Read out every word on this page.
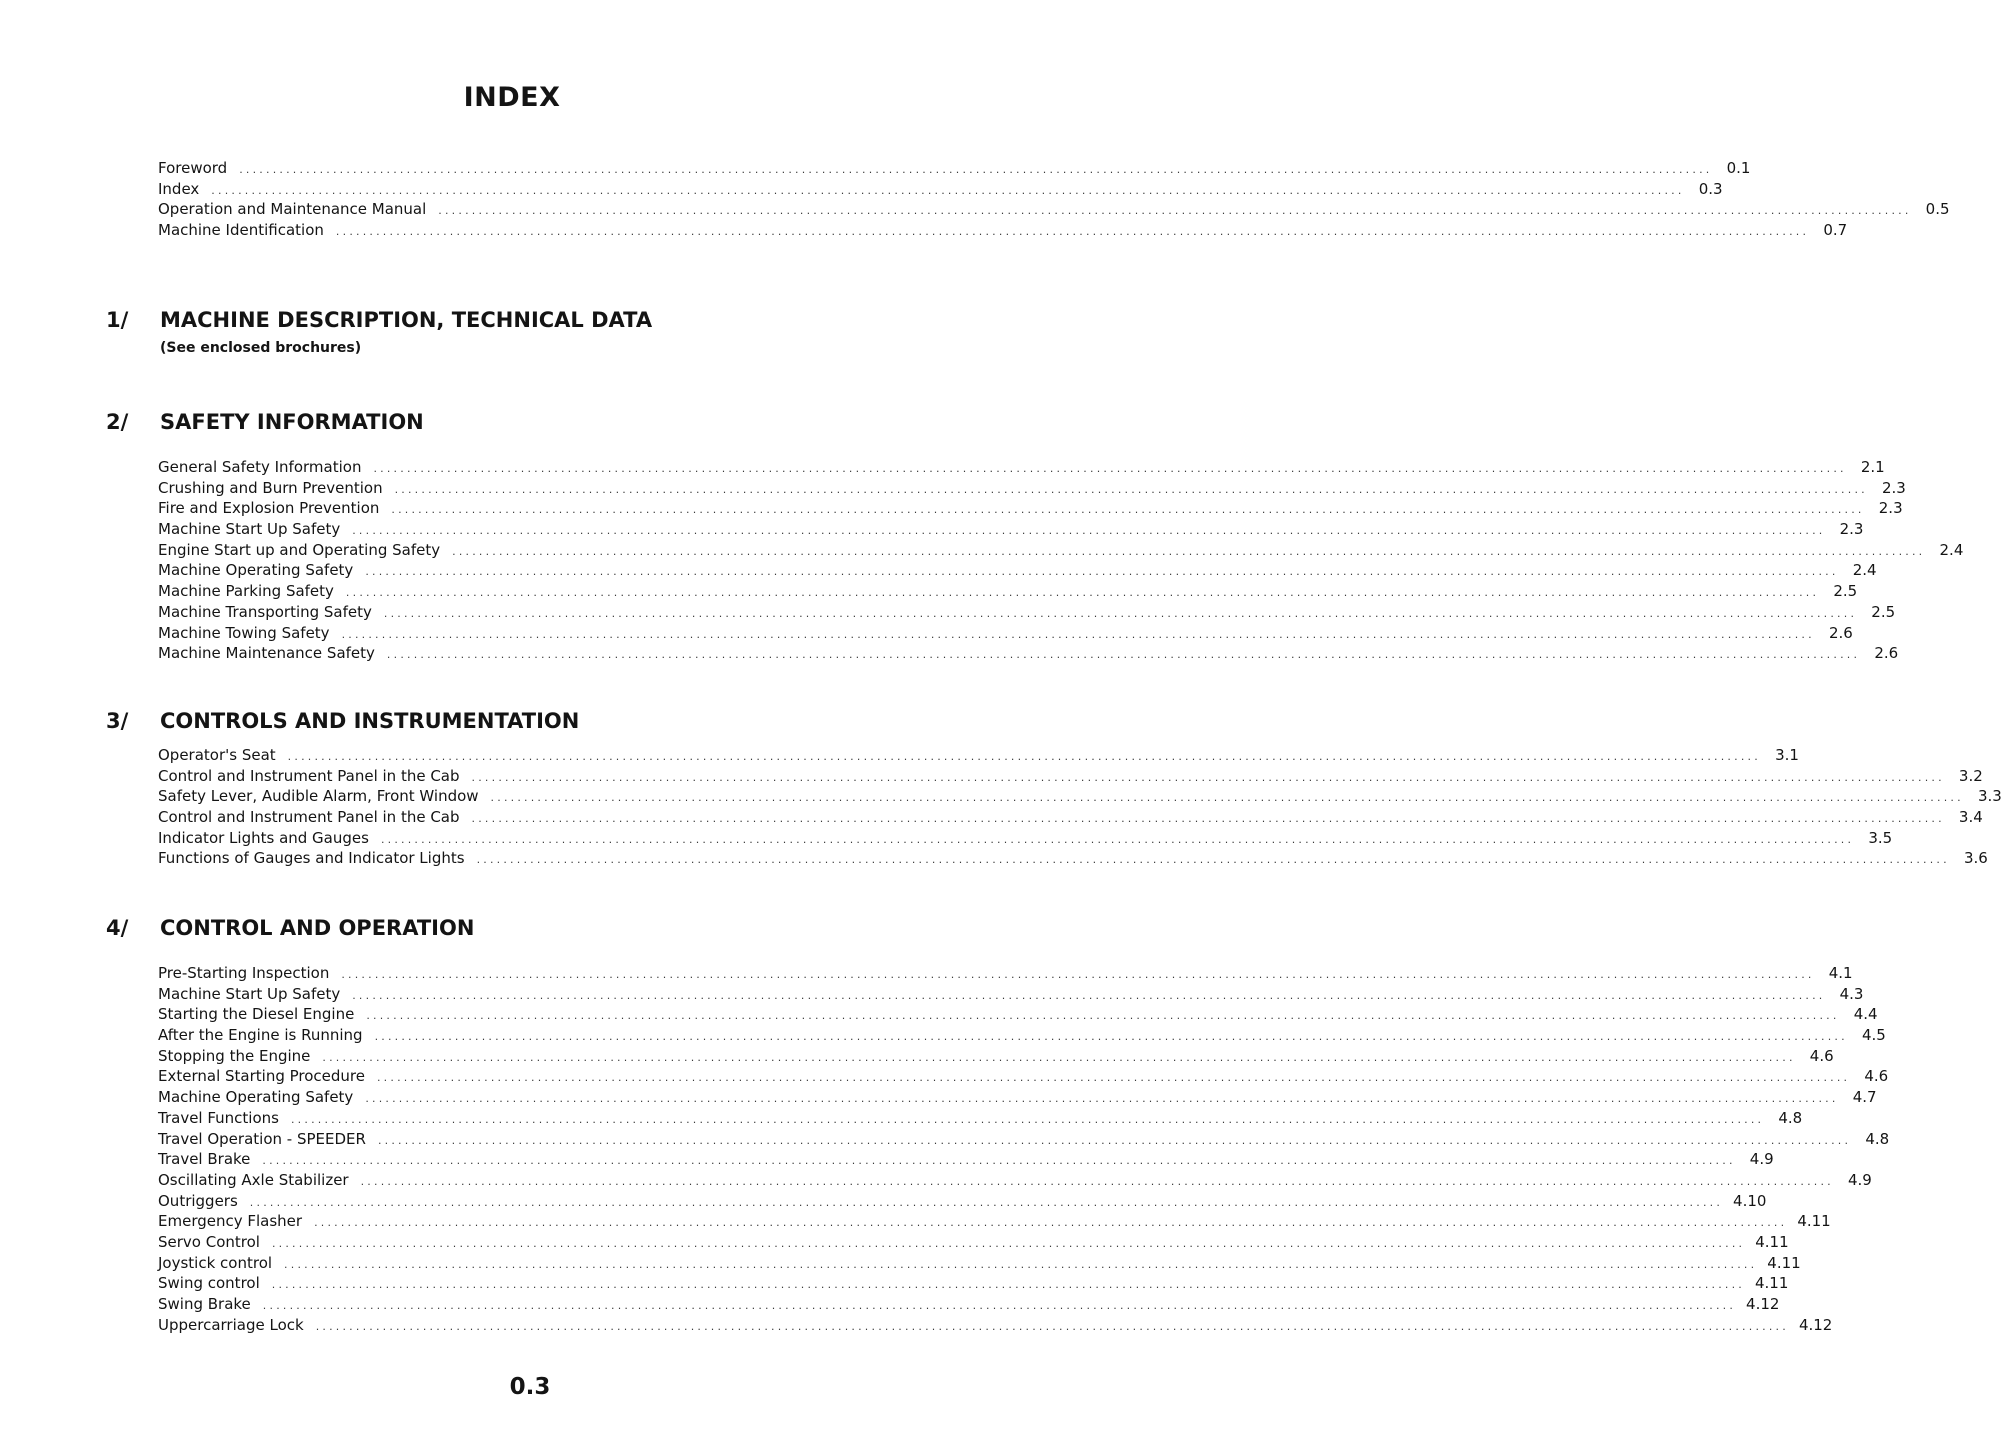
INDEX
Foreword	............................................................................................................................................................................................................................ 0.1
Index	............................................................................................................................................................................................................................ 0.3
Operation and Maintenance Manual	............................................................................................................................................................................................................................ 0.5
Machine Identification	............................................................................................................................................................................................................................ 0.7
1/ MACHINE DESCRIPTION, TECHNICAL DATA
(See enclosed brochures)
2/ SAFETY INFORMATION
General Safety Information	............................................................................................................................................................................................................................ 2.1
Crushing and Burn Prevention	............................................................................................................................................................................................................................ 2.3
Fire and Explosion Prevention	............................................................................................................................................................................................................................ 2.3
Machine Start Up Safety	............................................................................................................................................................................................................................ 2.3
Engine Start up and Operating Safety	............................................................................................................................................................................................................................ 2.4
Machine Operating Safety	............................................................................................................................................................................................................................ 2.4
Machine Parking Safety	............................................................................................................................................................................................................................ 2.5
Machine Transporting Safety	............................................................................................................................................................................................................................ 2.5
Machine Towing Safety	............................................................................................................................................................................................................................ 2.6
Machine Maintenance Safety	............................................................................................................................................................................................................................ 2.6
3/ CONTROLS AND INSTRUMENTATION
Operator's Seat	............................................................................................................................................................................................................................ 3.1
Control and Instrument Panel in the Cab	............................................................................................................................................................................................................................ 3.2
Safety Lever, Audible Alarm, Front Window	............................................................................................................................................................................................................................ 3.3
Control and Instrument Panel in the Cab	............................................................................................................................................................................................................................ 3.4
Indicator Lights and Gauges	............................................................................................................................................................................................................................ 3.5
Functions of Gauges and Indicator Lights	............................................................................................................................................................................................................................ 3.6
4/ CONTROL AND OPERATION
Pre-Starting Inspection	............................................................................................................................................................................................................................ 4.1
Machine Start Up Safety	............................................................................................................................................................................................................................ 4.3
Starting the Diesel Engine	............................................................................................................................................................................................................................ 4.4
After the Engine is Running	............................................................................................................................................................................................................................ 4.5
Stopping the Engine	............................................................................................................................................................................................................................ 4.6
External Starting Procedure	............................................................................................................................................................................................................................ 4.6
Machine Operating Safety	............................................................................................................................................................................................................................ 4.7
Travel Functions	............................................................................................................................................................................................................................ 4.8
Travel Operation - SPEEDER	............................................................................................................................................................................................................................ 4.8
Travel Brake	............................................................................................................................................................................................................................ 4.9
Oscillating Axle Stabilizer	............................................................................................................................................................................................................................ 4.9
Outriggers	............................................................................................................................................................................................................................ 4.10
Emergency Flasher	............................................................................................................................................................................................................................ 4.11
Servo Control	............................................................................................................................................................................................................................ 4.11
Joystick control	............................................................................................................................................................................................................................ 4.11
Swing control	............................................................................................................................................................................................................................ 4.11
Swing Brake	............................................................................................................................................................................................................................ 4.12
Uppercarriage Lock	............................................................................................................................................................................................................................ 4.12
0.3
